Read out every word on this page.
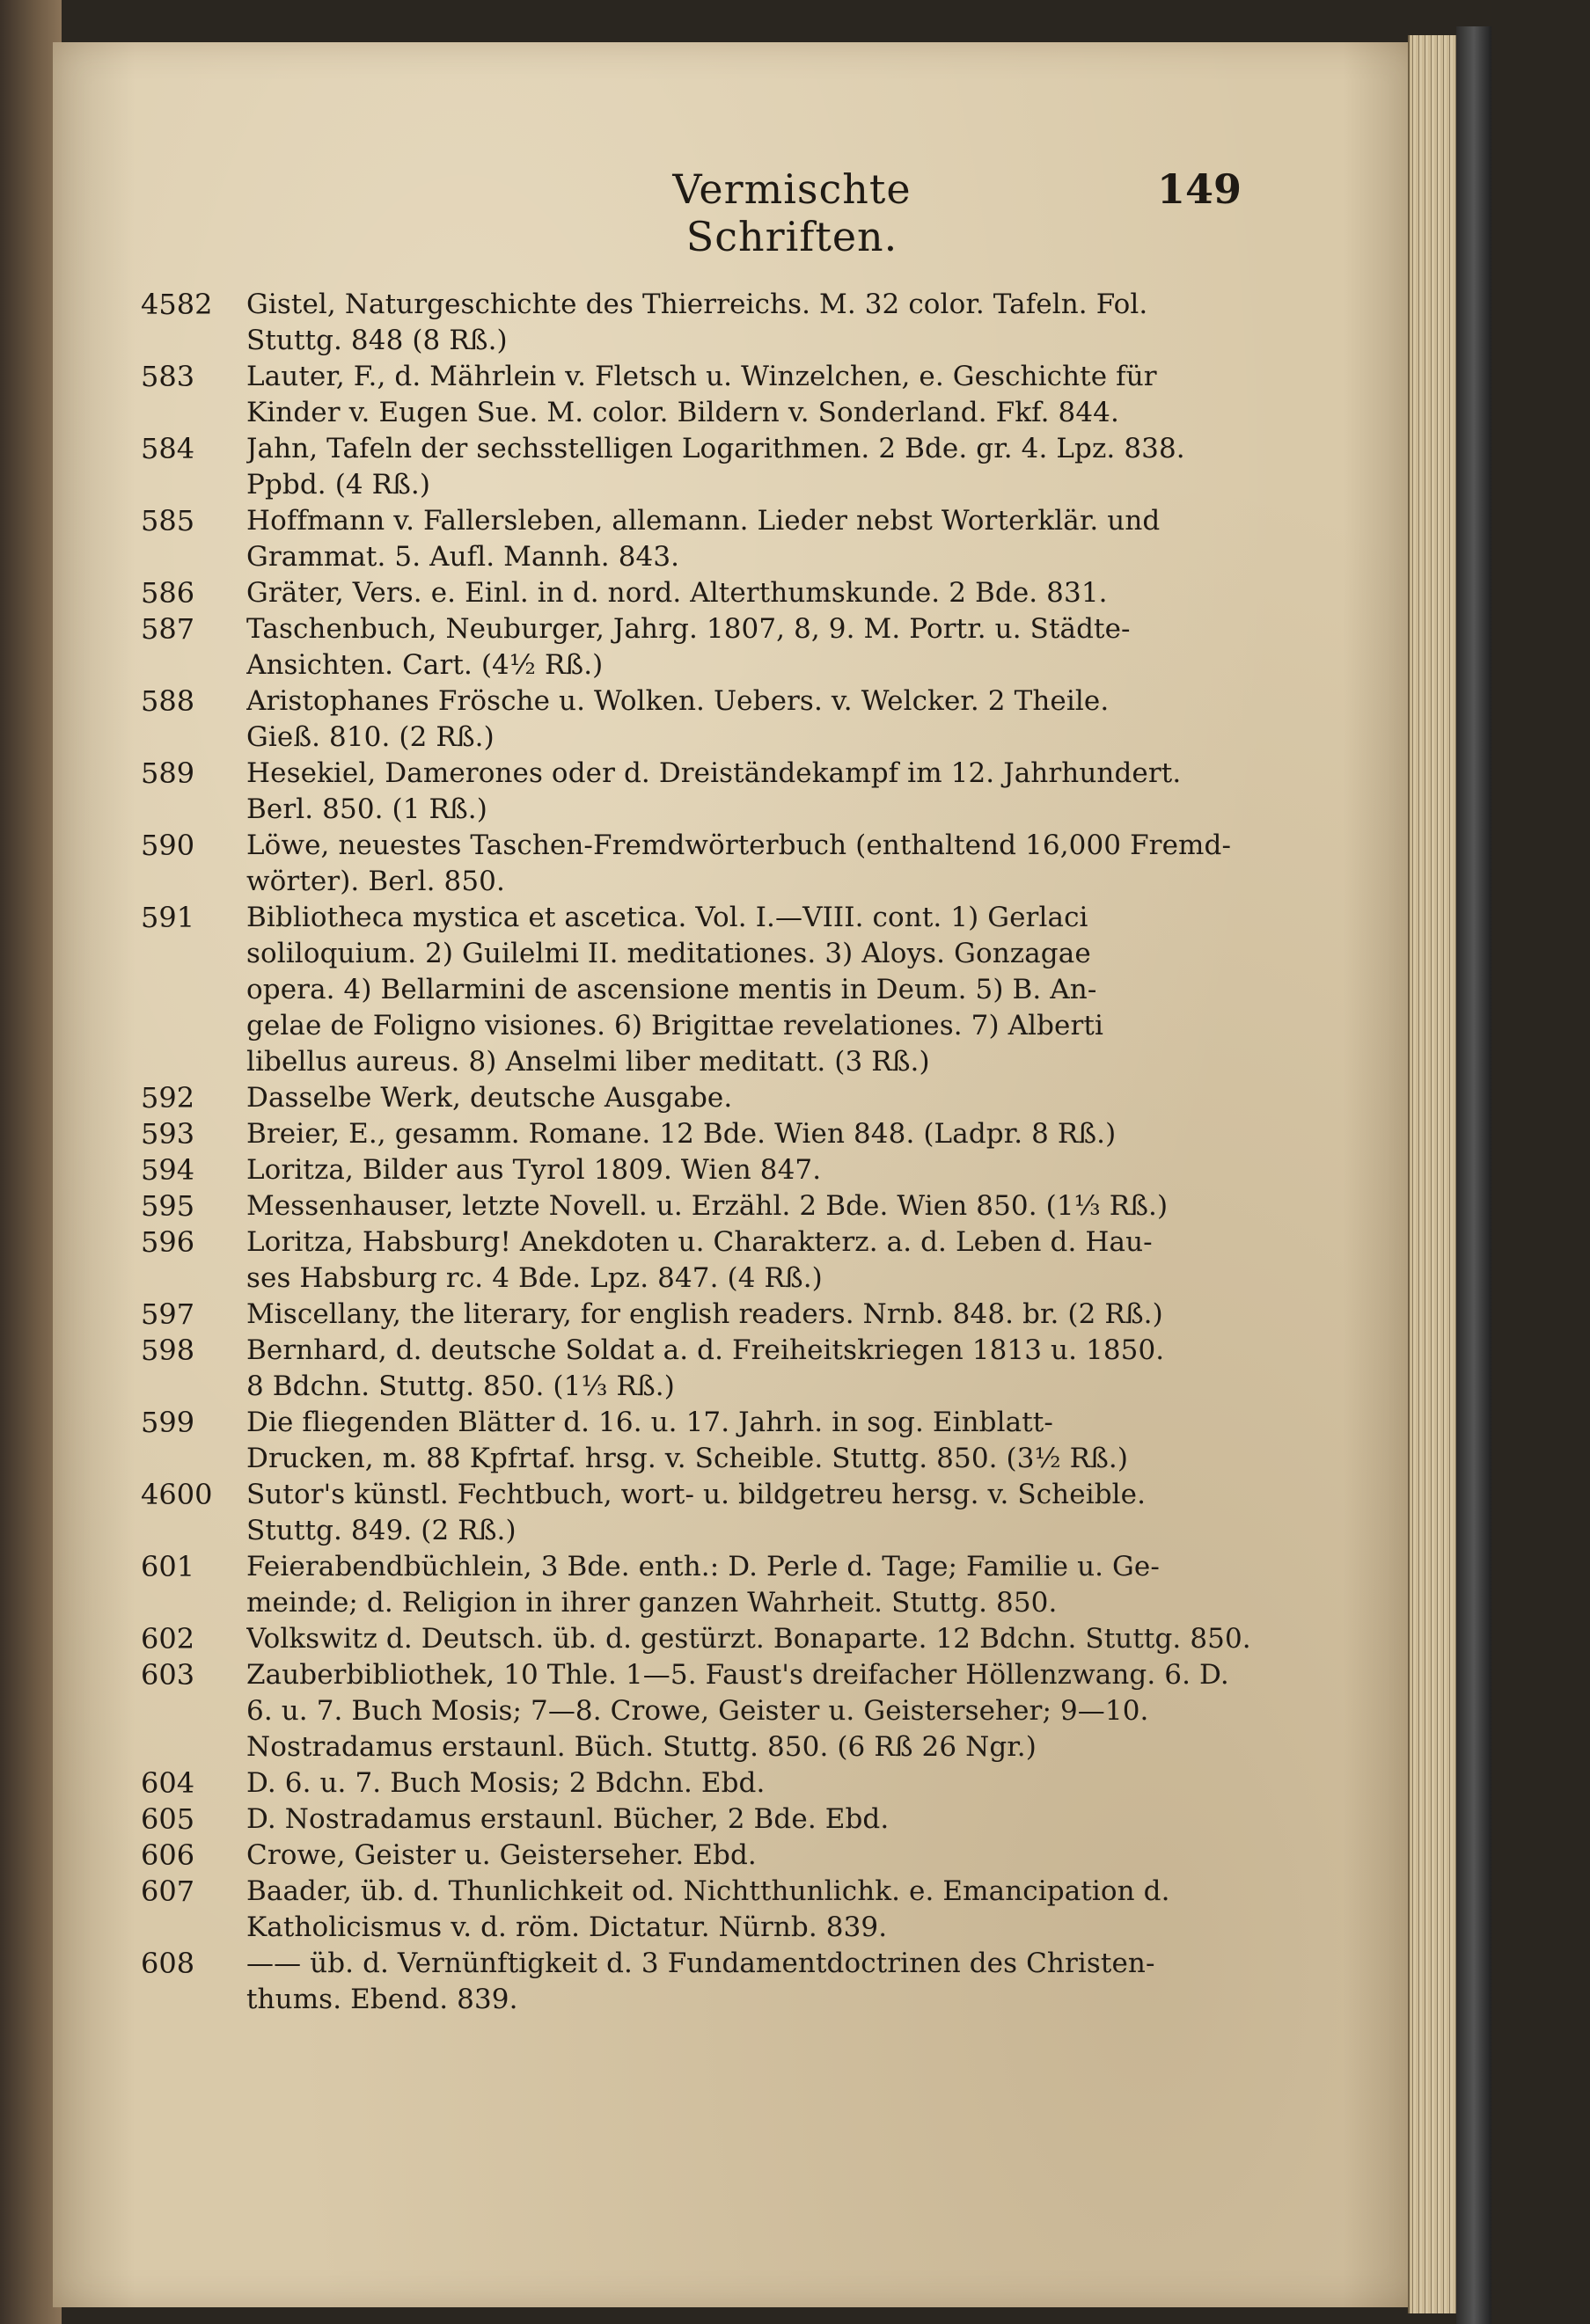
Vermischte Schriften.
149
4582 Gistel, Naturgeschichte des Thierreichs. M. 32 color. Tafeln. Fol.
Stuttg. 848 (8 Rß.)
583	Lauter, F., d. Mährlein v. Fletsch u. Winzelchen, e. Geschichte für
Kinder v. Eugen Sue. M. color. Bildern v. Sonderland. Fkf. 844.
584	Jahn, Tafeln der sechsstelligen Logarithmen. 2 Bde. gr. 4. Lpz. 838.
Ppbd. (4 Rß.)
585	Hoffmann v. Fallersleben, allemann. Lieder nebst Worterklär. und
Grammat. 5. Aufl. Mannh. 843.
586	Gräter, Vers. e. Einl. in d. nord. Alterthumskunde. 2 Bde. 831.
587	Taschenbuch, Neuburger, Jahrg. 1807, 8, 9. M. Portr. u. Städte-
Ansichten. Cart. (4½ Rß.)
588	Aristophanes Frösche u. Wolken. Uebers. v. Welcker. 2 Theile.
Gieß. 810. (2 Rß.)
589	Hesekiel, Damerones oder d. Dreiständekampf im 12. Jahrhundert.
Berl. 850. (1 Rß.)
590	Löwe, neuestes Taschen-Fremdwörterbuch (enthaltend 16,000 Fremd-
wörter). Berl. 850.
591	Bibliotheca mystica et ascetica. Vol. I.—VIII. cont. 1) Gerlaci
soliloquium. 2) Guilelmi II. meditationes. 3) Aloys. Gonzagae
opera. 4) Bellarmini de ascensione mentis in Deum. 5) B. An-
gelae de Foligno visiones. 6) Brigittae revelationes. 7) Alberti
libellus aureus. 8) Anselmi liber meditatt. (3 Rß.)
592	Dasselbe Werk, deutsche Ausgabe.
593	Breier, E., gesamm. Romane. 12 Bde. Wien 848. (Ladpr. 8 Rß.)
594	Loritza, Bilder aus Tyrol 1809. Wien 847.
595	Messenhauser, letzte Novell. u. Erzähl. 2 Bde. Wien 850. (1⅓ Rß.)
596	Loritza, Habsburg! Anekdoten u. Charakterz. a. d. Leben d. Hau-
ses Habsburg rc. 4 Bde. Lpz. 847. (4 Rß.)
597	Miscellany, the literary, for english readers. Nrnb. 848. br. (2 Rß.)
598	Bernhard, d. deutsche Soldat a. d. Freiheitskriegen 1813 u. 1850.
8 Bdchn. Stuttg. 850. (1⅓ Rß.)
599	Die fliegenden Blätter d. 16. u. 17. Jahrh. in sog. Einblatt-
Drucken, m. 88 Kpfrtaf. hrsg. v. Scheible. Stuttg. 850. (3½ Rß.)
4600 Sutor's künstl. Fechtbuch, wort- u. bildgetreu hersg. v. Scheible.
Stuttg. 849. (2 Rß.)
601	Feierabendbüchlein, 3 Bde. enth.: D. Perle d. Tage; Familie u. Ge-
meinde; d. Religion in ihrer ganzen Wahrheit. Stuttg. 850.
602	Volkswitz d. Deutsch. üb. d. gestürzt. Bonaparte. 12 Bdchn. Stuttg. 850.
603	Zauberbibliothek, 10 Thle. 1—5. Faust's dreifacher Höllenzwang. 6. D.
6. u. 7. Buch Mosis; 7—8. Crowe, Geister u. Geisterseher; 9—10.
Nostradamus erstaunl. Büch. Stuttg. 850. (6 Rß 26 Ngr.)
604	D. 6. u. 7. Buch Mosis; 2 Bdchn. Ebd.
605	D. Nostradamus erstaunl. Bücher, 2 Bde. Ebd.
606	Crowe, Geister u. Geisterseher. Ebd.
607	Baader, üb. d. Thunlichkeit od. Nichtthunlichk. e. Emancipation d.
Katholicismus v. d. röm. Dictatur. Nürnb. 839.
608	—— üb. d. Vernünftigkeit d. 3 Fundamentdoctrinen des Christen-
thums. Ebend. 839.
